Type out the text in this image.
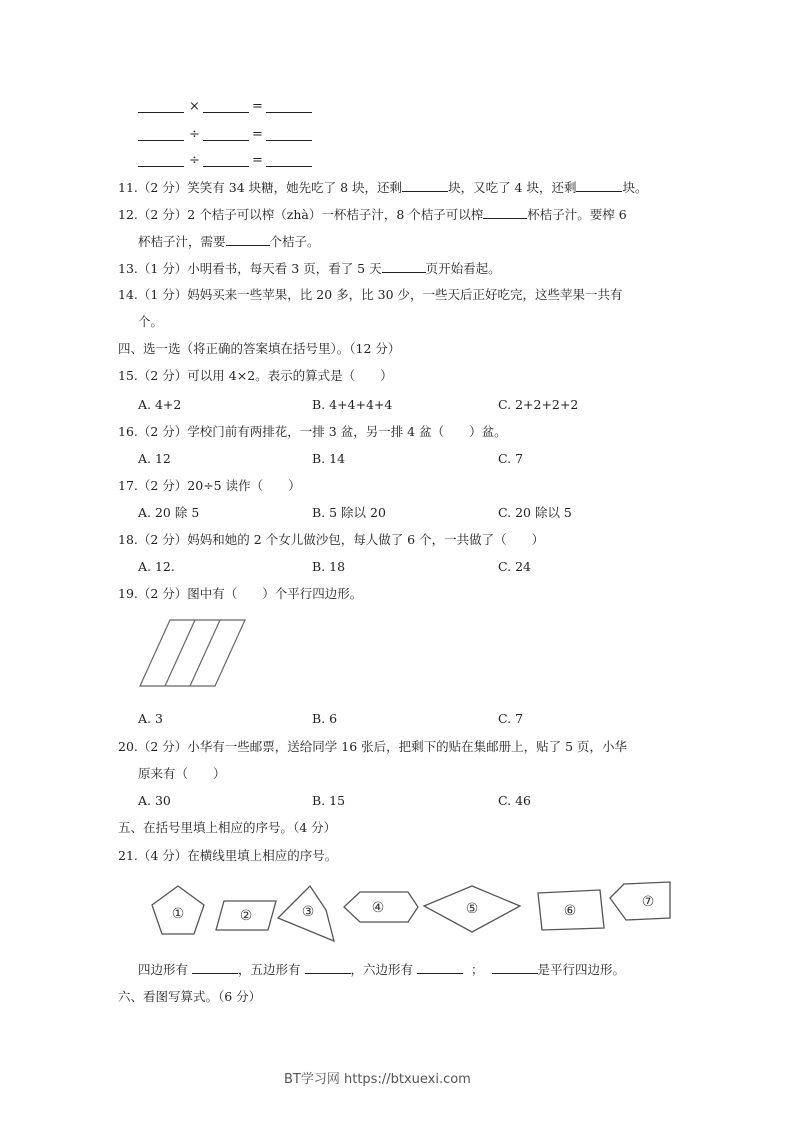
×	=
÷	=
÷	=
11.（2 分）笑笑有 34 块糖，她先吃了 8 块，还剩	块，又吃了 4 块，还剩	块。
12.（2 分）2 个桔子可以榨（zhà）一杯桔子汁，8 个桔子可以榨	杯桔子汁。要榨 6
杯桔子汁，需要	个桔子。
13.（1 分）小明看书，每天看 3 页，看了 5 天	页开始看起。
14.（1 分）妈妈买来一些苹果，比 20 多，比 30 少，一些天后正好吃完，这些苹果一共有
个。
四、选一选（将正确的答案填在括号里）。（12 分）
15.（2 分）可以用 4×2。表示的算式是（　　）
A. 4+2	B. 4+4+4+4	C. 2+2+2+2
16.（2 分）学校门前有两排花，一排 3 盆，另一排 4 盆（　　）盆。
A. 12	B. 14	C. 7
17.（2 分）20÷5 读作（　　）
A. 20 除 5	B. 5 除以 20	C. 20 除以 5
18.（2 分）妈妈和她的 2 个女儿做沙包，每人做了 6 个，一共做了（　　）
A. 12.	B. 18	C. 24
19.（2 分）图中有（　　）个平行四边形。
A. 3	B. 6	C. 7
20.（2 分）小华有一些邮票，送给同学 16 张后，把剩下的贴在集邮册上，贴了 5 页，小华
原来有（　　）
A. 30	B. 15	C. 46
五、在括号里填上相应的序号。（4 分）
21.（4 分）在横线里填上相应的序号。
①	②	③	④	⑤	⑥
⑦
四边形有	，五边形有	，六边形有	；	是平行四边形。
六、看图写算式。（6 分）
BT学习网 https://btxuexi.com
